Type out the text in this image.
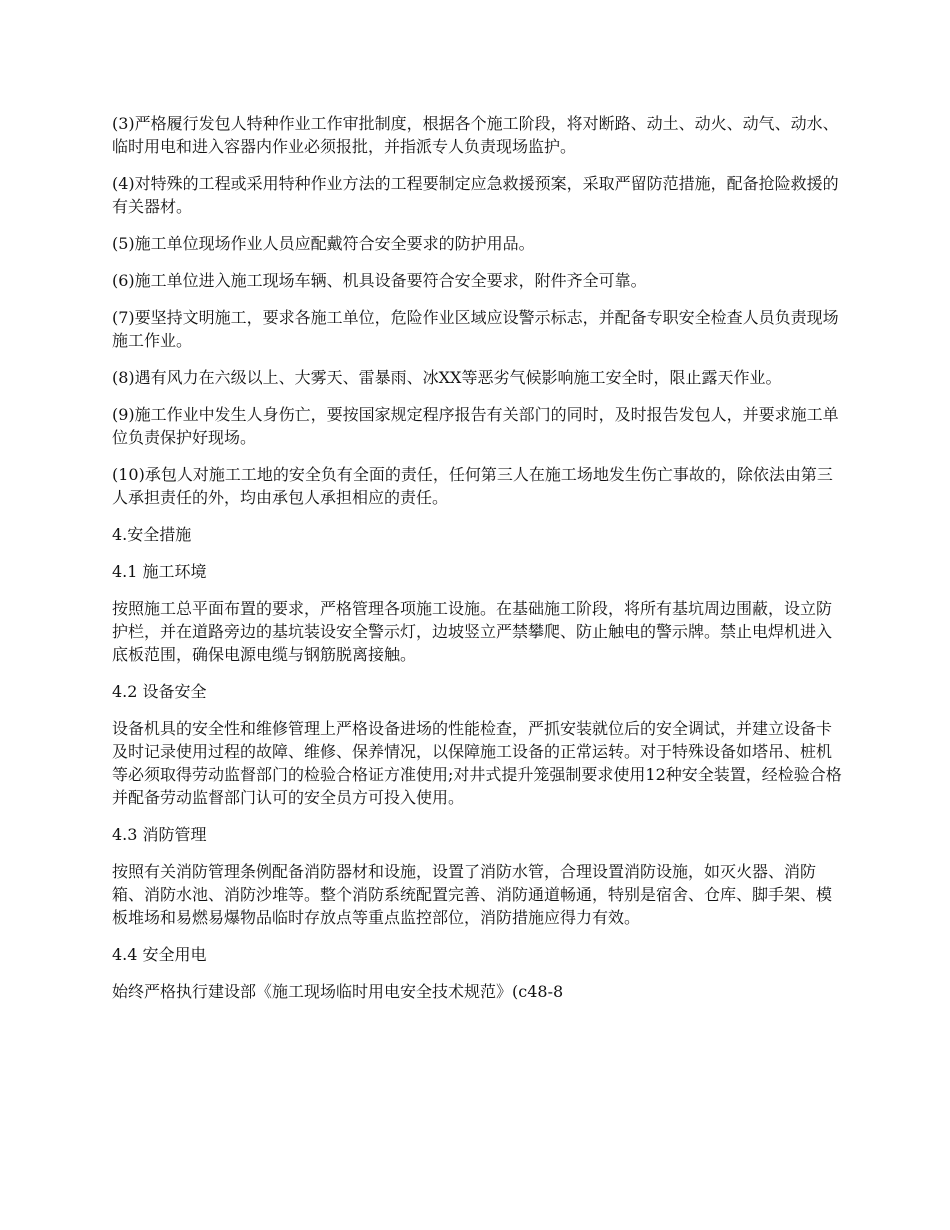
(3)严格履行发包人特种作业工作审批制度，根据各个施工阶段，将对断路、动土、动火、动气、动水、临时用电和进入容器内作业必须报批，并指派专人负责现场监护。

(4)对特殊的工程或采用特种作业方法的工程要制定应急救援预案，采取严留防范措施，配备抢险救援的有关器材。

(5)施工单位现场作业人员应配戴符合安全要求的防护用品。

(6)施工单位进入施工现场车辆、机具设备要符合安全要求，附件齐全可靠。

(7)要坚持文明施工，要求各施工单位，危险作业区域应设警示标志，并配备专职安全检查人员负责现场施工作业。

(8)遇有风力在六级以上、大雾天、雷暴雨、冰XX等恶劣气候影响施工安全时，限止露天作业。

(9)施工作业中发生人身伤亡，要按国家规定程序报告有关部门的同时，及时报告发包人，并要求施工单位负责保护好现场。

(10)承包人对施工工地的安全负有全面的责任，任何第三人在施工场地发生伤亡事故的，除依法由第三人承担责任的外，均由承包人承担相应的责任。

4.安全措施

4.1 施工环境

按照施工总平面布置的要求，严格管理各项施工设施。在基础施工阶段，将所有基坑周边围蔽，设立防护栏，并在道路旁边的基坑装设安全警示灯，边坡竖立严禁攀爬、防止触电的警示牌。禁止电焊机进入底板范围，确保电源电缆与钢筋脱离接触。

4.2 设备安全

设备机具的安全性和维修管理上严格设备进场的性能检查，严抓安装就位后的安全调试，并建立设备卡及时记录使用过程的故障、维修、保养情况，以保障施工设备的正常运转。对于特殊设备如塔吊、桩机等必须取得劳动监督部门的检验合格证方准使用;对井式提升笼强制要求使用12种安全装置，经检验合格并配备劳动监督部门认可的安全员方可投入使用。

4.3 消防管理

按照有关消防管理条例配备消防器材和设施，设置了消防水管，合理设置消防设施，如灭火器、消防箱、消防水池、消防沙堆等。整个消防系统配置完善、消防通道畅通，特别是宿舍、仓库、脚手架、模板堆场和易燃易爆物品临时存放点等重点监控部位，消防措施应得力有效。

4.4 安全用电

始终严格执行建设部《施工现场临时用电安全技术规范》(c48-8
